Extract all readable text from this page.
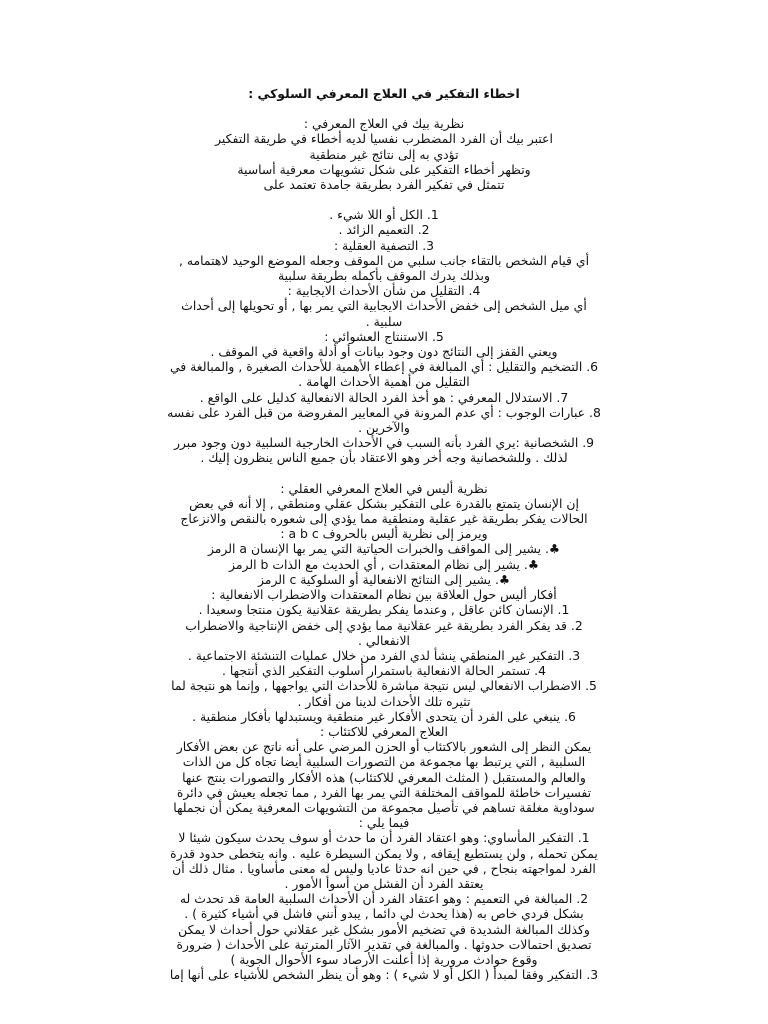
اخطاء التفكير في العلاج المعرفي السلوكي :
نظرية بيك في العلاج المعرفي :
اعتبر بيك أن الفرد المضطرب نفسيا لديه أخطاء في طريقة التفكير
تؤدي به إلى نتائج غير منطقية
وتظهر أخطاء التفكير على شكل تشويهات معرفية أساسية
تتمثل في تفكير الفرد بطريقة جامدة تعتمد على
1. الكل أو اللا شيء .
2. التعميم الزائد .
3. التصفية العقلية :
أي قيام الشخص بالتقاء جانب سلبي من الموقف وجعله الموضع الوحيد لاهتمامه ,
وبذلك يدرك الموقف بأكمله بطريقة سلبية
4. التقليل من شأن الأحداث الايجابية :
أي ميل الشخص إلى خفض الأحداث الايجابية التي يمر بها , أو تحويلها إلى أحداث
سلبية .
5. الاستنتاج العشوائي :
ويعني القفز إلى النتائج دون وجود بيانات أو أدلة واقعية في الموقف .
6. التضخيم والتقليل : أي المبالغة في إعطاء الأهمية للأحداث الصغيرة , والمبالغة في
التقليل من أهمية الأحداث الهامة .
7. الاستدلال المعرفي : هو أخذ الفرد الحالة الانفعالية كدليل على الواقع .
8. عبارات الوجوب : أي عدم المرونة في المعايير المفروضة من قبل الفرد على نفسه
والآخرين .
9. الشخصانية :يري الفرد بأنه السبب في الأحداث الخارجية السلبية دون وجود مبرر
لذلك . وللشخصانية وجه أخر وهو الاعتقاد بأن جميع الناس ينظرون إليك .
نظرية أليس في العلاج المعرفي العقلي :
إن الإنسان يتمتع بالقدرة على التفكير بشكل عقلي ومنطقي , إلا أنه في بعض
الحالات يفكر بطريقة غير عقلية ومنطقية مما يؤدي إلى شعوره بالنقص والانزعاج
ويرمز إلى نظرية أليس بالحروف a b c :
♣. يشير إلى المواقف والخبرات الحياتية التي يمر بها الإنسان a الرمز
♣. يشير إلى نظام المعتقدات , أي الحديث مع الذات b الرمز
♣. يشير إلى النتائج الانفعالية أو السلوكية c الرمز
أفكار أليس حول العلاقة بين نظام المعتقدات والاضطراب الانفعالية :
1. الإنسان كائن عاقل , وعندما يفكر بطريقة عقلانية يكون منتجا وسعيدا .
2. قد يفكر الفرد بطريقة غير عقلانية مما يؤدي إلى خفض الإنتاجية والاضطراب
الانفعالي .
3. التفكير غير المنطقي ينشأ لدي الفرد من خلال عمليات التنشئة الاجتماعية .
4. تستمر الحالة الانفعالية باستمرار أسلوب التفكير الذي أنتجها .
5. الاضطراب الانفعالي ليس نتيجة مباشرة للأحداث التي يواجهها , وإنما هو نتيجة لما
تثيره تلك الأحداث لدينا من أفكار .
6. ينبغي على الفرد أن يتحدى الأفكار غير منطقية ويستبدلها بأفكار منطقية .
العلاج المعرفي للاكتئاب :
يمكن النظر إلى الشعور بالاكتئاب أو الحزن المرضي على أنه ناتج عن بعض الأفكار
السلبية , التي يرتبط بها مجموعة من التصورات السلبية أيضا تجاه كل من الذات
والعالم والمستقبل ( المثلث المعرفي للاكتئاب) هذه الأفكار والتصورات ينتج عنها
تفسيرات خاطئة للمواقف المختلفة التي يمر بها الفرد , مما تجعله يعيش في دائرة
سوداوية مغلقة تساهم في تأصيل مجموعة من التشويهات المعرفية يمكن أن نجملها
فيما يلي :
1. التفكير المأساوي: وهو اعتقاد الفرد أن ما حدث أو سوف يحدث سيكون شيئا لا
يمكن تحمله , ولن يستطيع إيقافه , ولا يمكن السيطرة عليه . وانه يتخطى حدود قدرة
الفرد لمواجهته بنجاح , في حين انه حدثا عاديا وليس له معنى مأساويا . مثال ذلك أن
يعتقد الفرد أن الفشل من أسوأ الأمور .
2. المبالغة في التعميم : وهو اعتقاد الفرد أن الأحداث السلبية العامة قد تحدث له
بشكل فردي خاص به (هذا يحدث لي دائما , يبدو أنني فاشل في أشياء كثيرة ) .
وكذلك المبالغة الشديدة في تضخيم الأمور بشكل غير عقلاني حول أحداث لا يمكن
تصديق احتمالات حدوثها . والمبالغة في تقدير الآثار المترتبة على الأحداث ( ضرورة
وقوع حوادث مرورية إذا أعلنت الأرصاد سوء الأحوال الجوية )
3. التفكير وفقا لمبدأ ( الكل أو لا شيء ) : وهو أن ينظر الشخص للأشياء على أنها إما
